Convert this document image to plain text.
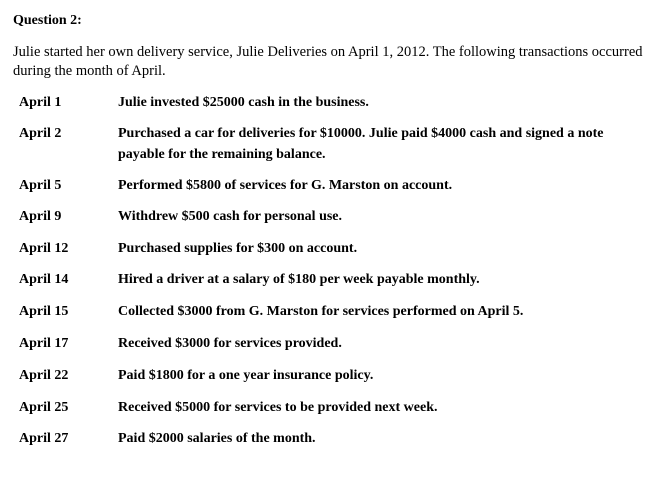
Question 2:
Julie started her own delivery service, Julie Deliveries on April 1, 2012. The following transactions occurred during the month of April.
April 1	Julie invested $25000 cash in the business.
April 2	Purchased a car for deliveries for $10000. Julie paid $4000 cash and signed a note payable for the remaining balance.
April 5	Performed $5800 of services for G. Marston on account.
April 9	Withdrew $500 cash for personal use.
April 12	Purchased supplies for $300 on account.
April 14	Hired a driver at a salary of $180 per week payable monthly.
April 15	Collected $3000 from G. Marston for services performed on April 5.
April 17	Received $3000 for services provided.
April 22	Paid $1800 for a one year insurance policy.
April 25	Received $5000 for services to be provided next week.
April 27	Paid $2000 salaries of the month.
